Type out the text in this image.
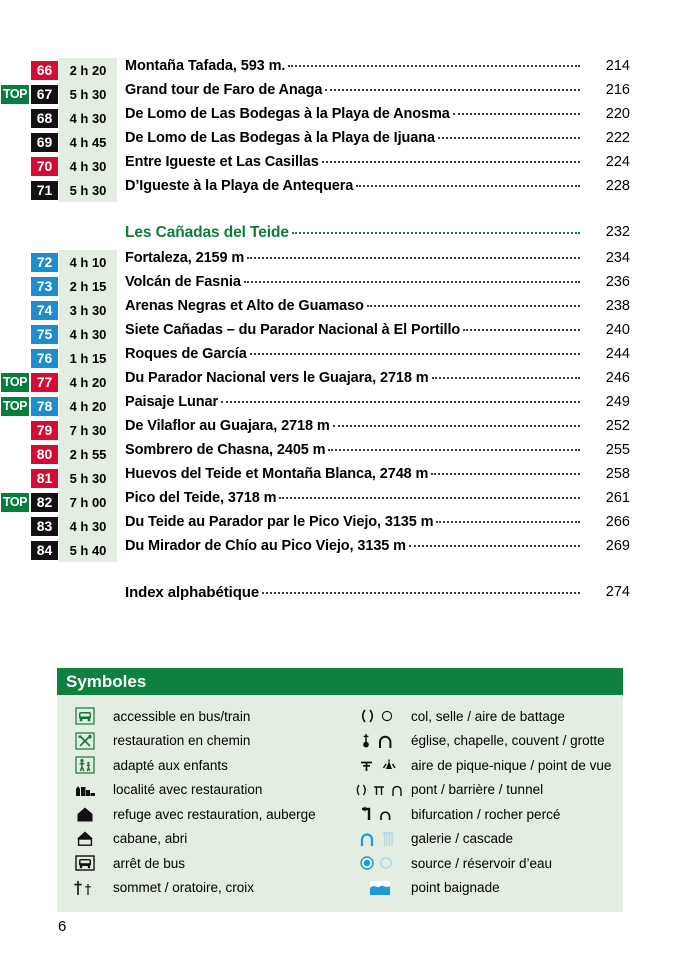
66	2 h 20	Montaña Tafada, 593 m.	214
TOP 67	5 h 30	Grand tour de Faro de Anaga	216
68	4 h 30	De Lomo de Las Bodegas à la Playa de Anosma	220
69	4 h 45	De Lomo de Las Bodegas à la Playa de Ijuana	222
70	4 h 30	Entre Igueste et Las Casillas	224
71	5 h 30	D’Igueste à la Playa de Antequera	228
Les Cañadas del Teide	232
72	4 h 10	Fortaleza, 2159 m	234
73	2 h 15	Volcán de Fasnia	236
74	3 h 30	Arenas Negras et Alto de Guamaso	238
75	4 h 30	Siete Cañadas – du Parador Nacional à El Portillo	240
76	1 h 15	Roques de García	244
TOP 77	4 h 20	Du Parador Nacional vers le Guajara, 2718 m	246
TOP 78	4 h 20	Paisaje Lunar	249
79	7 h 30	De Vilaflor au Guajara, 2718 m	252
80	2 h 55	Sombrero de Chasna, 2405 m	255
81	5 h 30	Huevos del Teide et Montaña Blanca, 2748 m	258
TOP 82	7 h 00	Pico del Teide, 3718 m	261
83	4 h 30	Du Teide au Parador par le Pico Viejo, 3135 m	266
84	5 h 40	Du Mirador de Chío au Pico Viejo, 3135 m	269
Index alphabétique	274
Symboles
accessible en bus/train
restauration en chemin
adapté aux enfants
localité avec restauration
refuge avec restauration, auberge
cabane, abri
arrêt de bus
sommet / oratoire, croix
col, selle / aire de battage
église, chapelle, couvent / grotte
aire de pique-nique / point de vue
pont / barrière / tunnel
bifurcation / rocher percé
galerie / cascade
source / réservoir d’eau
point baignade
6
